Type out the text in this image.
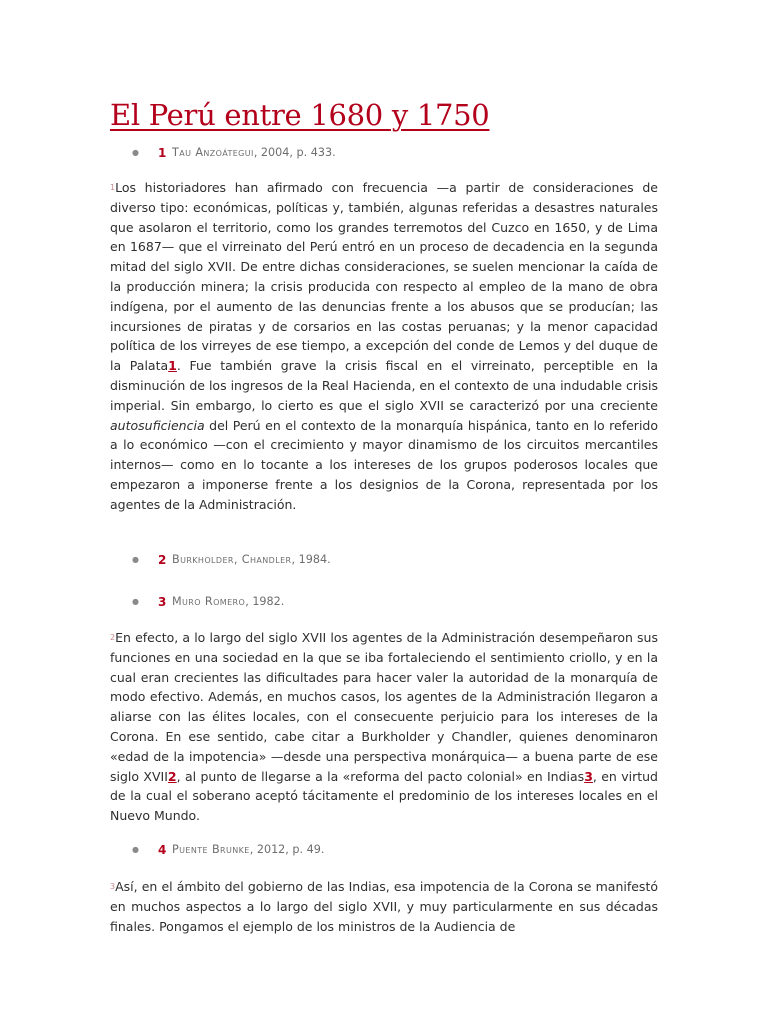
El Perú entre 1680 y 1750
● 1 Tau Anzoátegui, 2004, p. 433.

1Los historiadores han afirmado con frecuencia —a partir de consideraciones de diverso tipo: económicas, políticas y, también, algunas referidas a desastres naturales que asolaron el territorio, como los grandes terremotos del Cuzco en 1650, y de Lima en 1687— que el virreinato del Perú entró en un proceso de decadencia en la segunda mitad del siglo XVII. De entre dichas consideraciones, se suelen mencionar la caída de la producción minera; la crisis producida con respecto al empleo de la mano de obra indígena, por el aumento de las denuncias frente a los abusos que se producían; las incursiones de piratas y de corsarios en las costas peruanas; y la menor capacidad política de los virreyes de ese tiempo, a excepción del conde de Lemos y del duque de la Palata1. Fue también grave la crisis fiscal en el virreinato, perceptible en la disminución de los ingresos de la Real Hacienda, en el contexto de una indudable crisis imperial. Sin embargo, lo cierto es que el siglo XVII se caracterizó por una creciente autosuficiencia del Perú en el contexto de la monarquía hispánica, tanto en lo referido a lo económico —con el crecimiento y mayor dinamismo de los circuitos mercantiles internos— como en lo tocante a los intereses de los grupos poderosos locales que empezaron a imponerse frente a los designios de la Corona, representada por los agentes de la Administración.

● 2 Burkholder, Chandler, 1984.
● 3 Muro Romero, 1982.

2En efecto, a lo largo del siglo XVII los agentes de la Administración desempeñaron sus funciones en una sociedad en la que se iba fortaleciendo el sentimiento criollo, y en la cual eran crecientes las dificultades para hacer valer la autoridad de la monarquía de modo efectivo. Además, en muchos casos, los agentes de la Administración llegaron a aliarse con las élites locales, con el consecuente perjuicio para los intereses de la Corona. En ese sentido, cabe citar a Burkholder y Chandler, quienes denominaron «edad de la impotencia» —desde una perspectiva monárquica— a buena parte de ese siglo XVII2, al punto de llegarse a la «reforma del pacto colonial» en Indias3, en virtud de la cual el soberano aceptó tácitamente el predominio de los intereses locales en el Nuevo Mundo.

● 4 Puente Brunke, 2012, p. 49.

3Así, en el ámbito del gobierno de las Indias, esa impotencia de la Corona se manifestó en muchos aspectos a lo largo del siglo XVII, y muy particularmente en sus décadas finales. Pongamos el ejemplo de los ministros de la Audiencia de
